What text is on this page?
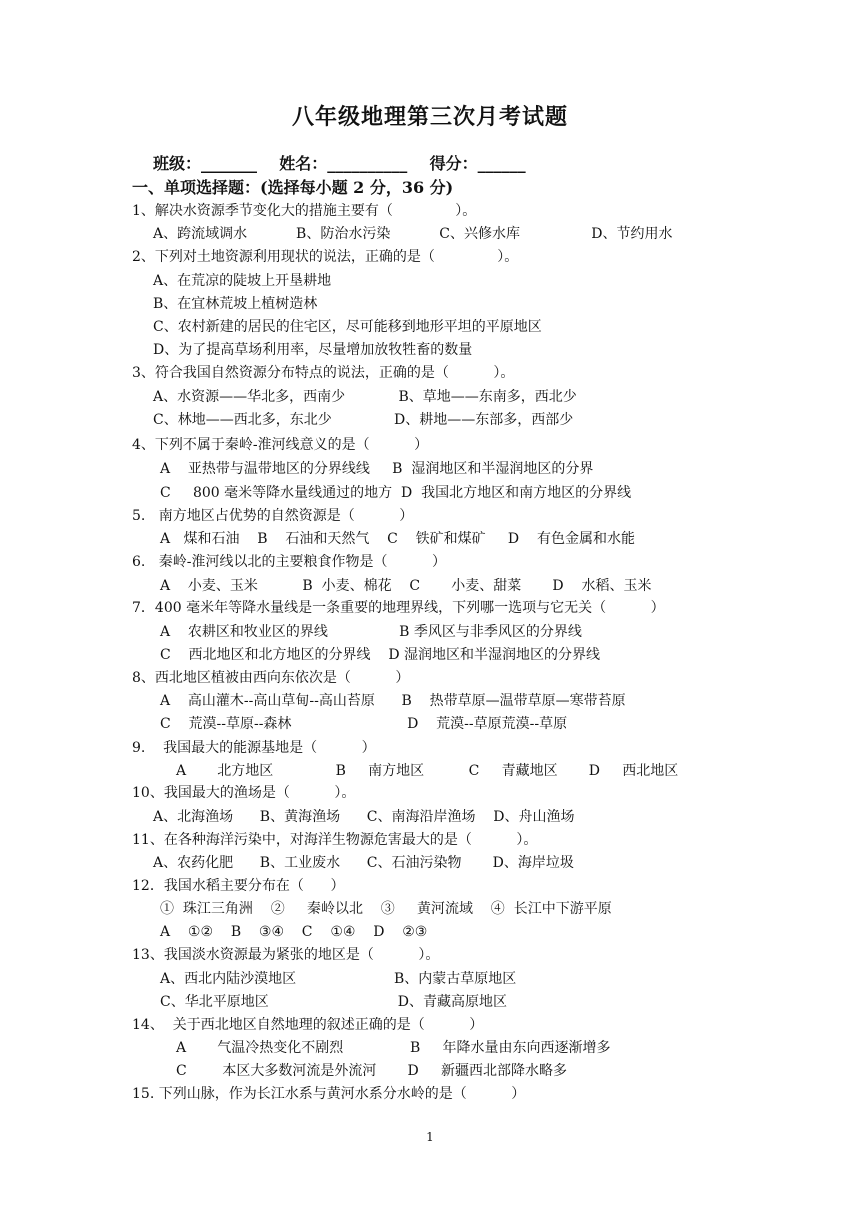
八年级地理第三次月考试题
班级：_______    姓名：__________    得分：______
一、单项选择题：(选择每小题 2 分，36 分)
1、解决水资源季节变化大的措施主要有（              ）。
A、跨流域调水           B、防治水污染           C、兴修水库                D、节约用水
2、下列对土地资源利用现状的说法，正确的是（              ）。
A、在荒凉的陡坡上开垦耕地
B、在宜林荒坡上植树造林
C、农村新建的居民的住宅区，尽可能移到地形平坦的平原地区
D、为了提高草场利用率，尽量增加放牧牲畜的数量
3、符合我国自然资源分布特点的说法，正确的是（          ）。
A、水资源——华北多，西南少            B、草地——东南多，西北少
C、林地——西北多，东北少              D、耕地——东部多，西部少
4、下列不属于秦岭-淮河线意义的是（          ）
A    亚热带与温带地区的分界线线     B  湿润地区和半湿润地区的分界
C     800 毫米等降水量线通过的地方  D  我国北方地区和南方地区的分界线
5.   南方地区占优势的自然资源是（          ）
A   煤和石油    B    石油和天然气    C    铁矿和煤矿     D    有色金属和水能
6.   秦岭-淮河线以北的主要粮食作物是（          ）
A    小麦、玉米          B  小麦、棉花    C       小麦、甜菜       D    水稻、玉米
7．400 毫米年等降水量线是一条重要的地理界线，下列哪一选项与它无关（          ）
A    农耕区和牧业区的界线                B 季风区与非季风区的分界线
C    西北地区和北方地区的分界线    D 湿润地区和半湿润地区的分界线
8、西北地区植被由西向东依次是（          ）
A    高山灌木--高山草甸--高山苔原      B    热带草原—温带草原—寒带苔原
C    荒漠--草原--森林                          D    荒漠--草原荒漠--草原
9.    我国最大的能源基地是（          ）
A       北方地区              B     南方地区          C     青藏地区       D     西北地区
10、我国最大的渔场是（          ）。
A、北海渔场      B、黄海渔场      C、南海沿岸渔场    D、舟山渔场
11、在各种海洋污染中，对海洋生物源危害最大的是（          ）。
A、农药化肥      B、工业废水      C、石油污染物       D、海岸垃圾
12．我国水稻主要分布在（      ）
①  珠江三角洲    ②     秦岭以北    ③     黄河流域    ④  长江中下游平原
A    ①②    B    ③④    C    ①④    D    ②③
13、我国淡水资源最为紧张的地区是（          ）。
A、西北内陆沙漠地区                      B、内蒙古草原地区
C、华北平原地区                             D、青藏高原地区
14、  关于西北地区自然地理的叙述正确的是（          ）
A       气温冷热变化不剧烈               B     年降水量由东向西逐渐增多
C        本区大多数河流是外流河       D     新疆西北部降水略多
15. 下列山脉，作为长江水系与黄河水系分水岭的是（          ）
1
